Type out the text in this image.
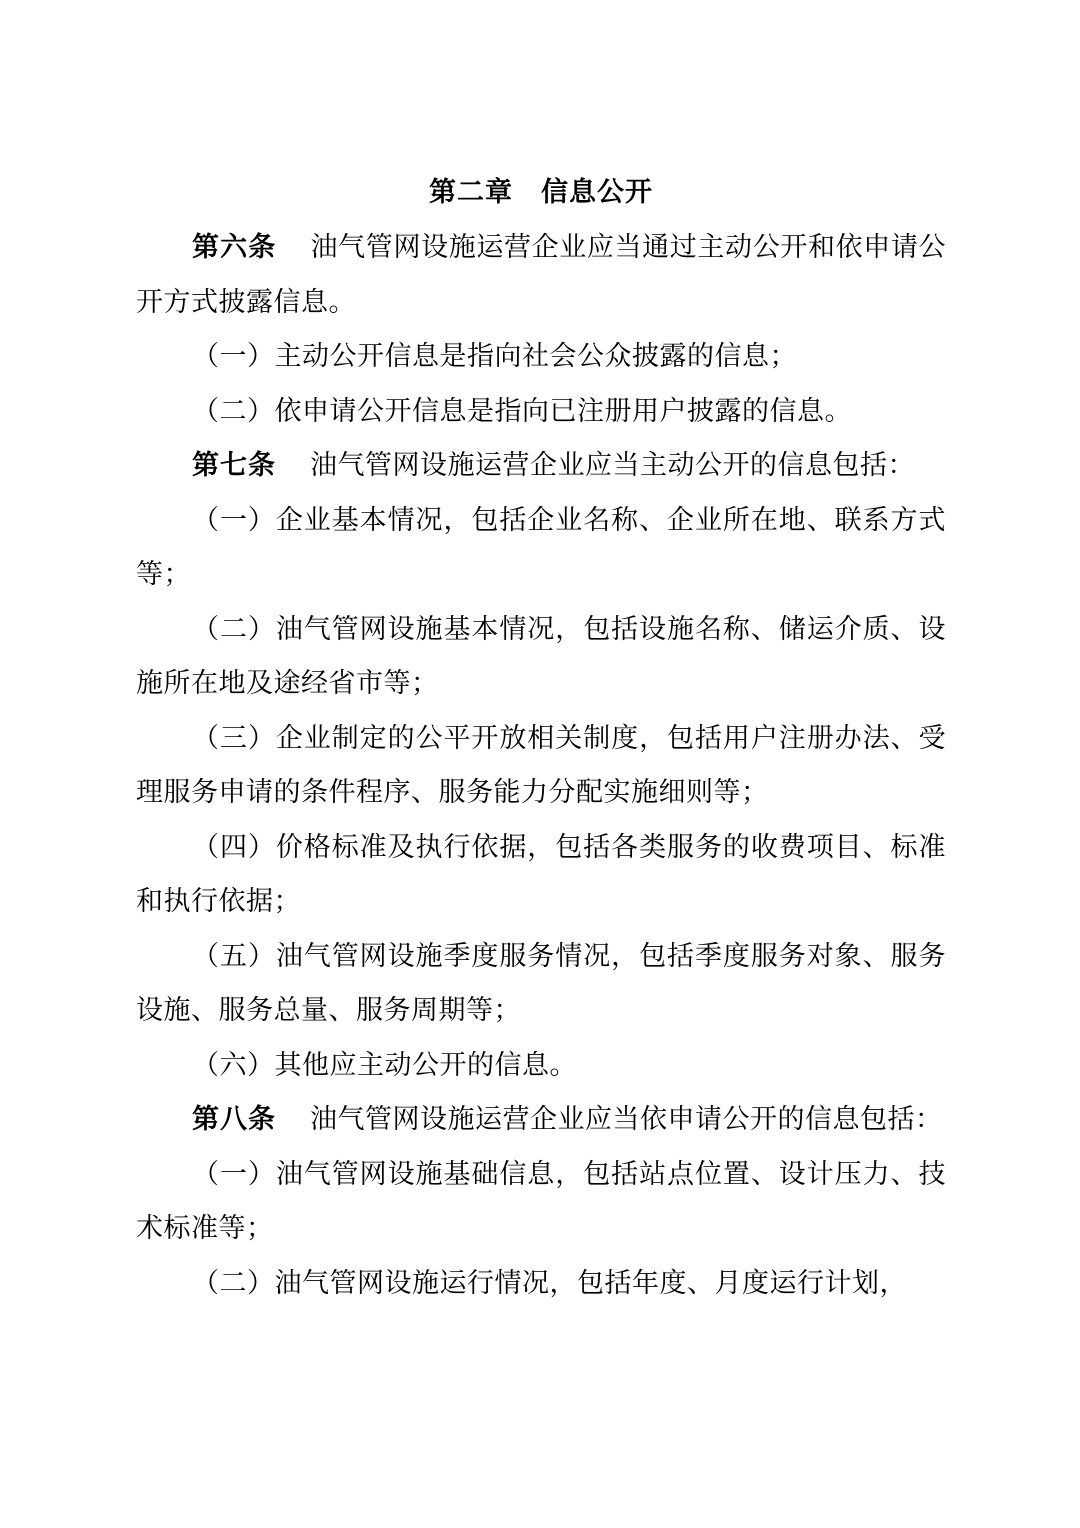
第二章　信息公开

第六条 油气管网设施运营企业应当通过主动公开和依申请公开方式披露信息。

（一）主动公开信息是指向社会公众披露的信息；

（二）依申请公开信息是指向已注册用户披露的信息。

第七条 油气管网设施运营企业应当主动公开的信息包括：

（一）企业基本情况，包括企业名称、企业所在地、联系方式等；

（二）油气管网设施基本情况，包括设施名称、储运介质、设施所在地及途经省市等；

（三）企业制定的公平开放相关制度，包括用户注册办法、受理服务申请的条件程序、服务能力分配实施细则等；

（四）价格标准及执行依据，包括各类服务的收费项目、标准和执行依据；

（五）油气管网设施季度服务情况，包括季度服务对象、服务设施、服务总量、服务周期等；

（六）其他应主动公开的信息。

第八条 油气管网设施运营企业应当依申请公开的信息包括：

（一）油气管网设施基础信息，包括站点位置、设计压力、技术标准等；

（二）油气管网设施运行情况，包括年度、月度运行计划，
